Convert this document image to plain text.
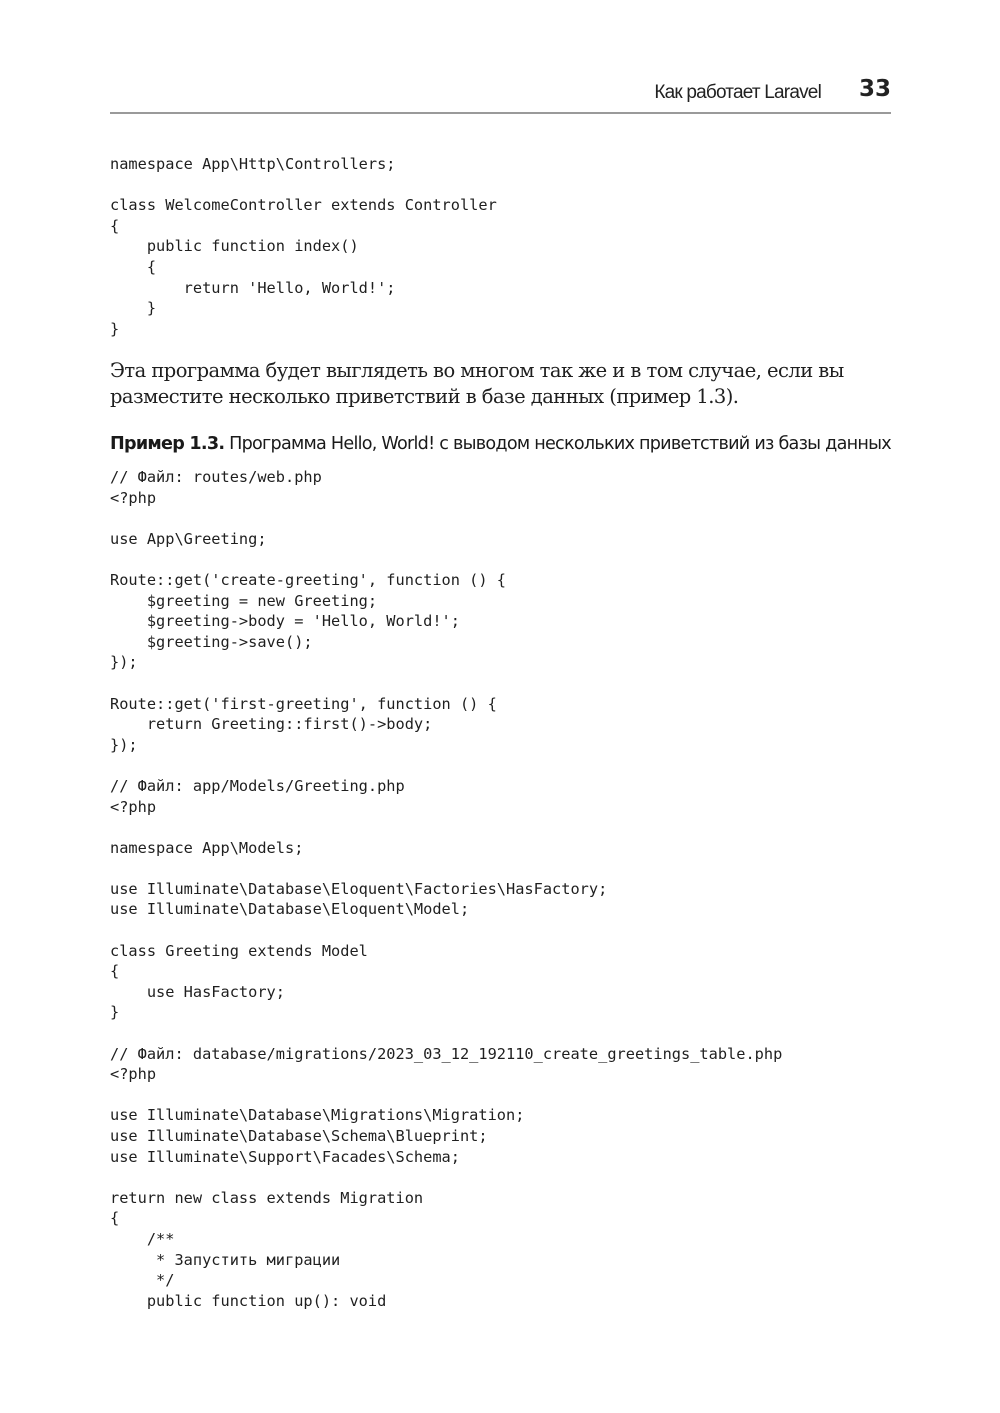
Как работает Laravel 33
namespace App\Http\Controllers;

class WelcomeController extends Controller
{
public function index()
{
return 'Hello, World!';
}
}

Эта программа будет выглядеть во многом так же и в том случае, если вы разместите несколько приветствий в базе данных (пример 1.3).

Пример 1.3. Программа Hello, World! с выводом нескольких приветствий из базы данных

// Файл: routes/web.php
<?php

use App\Greeting;

Route::get('create-greeting', function () {
$greeting = new Greeting;
$greeting->body = 'Hello, World!';
$greeting->save();
});

Route::get('first-greeting', function () {
return Greeting::first()->body;
});

// Файл: app/Models/Greeting.php
<?php

namespace App\Models;

use Illuminate\Database\Eloquent\Factories\HasFactory;
use Illuminate\Database\Eloquent\Model;

class Greeting extends Model
{
use HasFactory;
}

// Файл: database/migrations/2023_03_12_192110_create_greetings_table.php
<?php

use Illuminate\Database\Migrations\Migration;
use Illuminate\Database\Schema\Blueprint;
use Illuminate\Support\Facades\Schema;

return new class extends Migration
{
/**
* Запустить миграции
*/
public function up(): void
